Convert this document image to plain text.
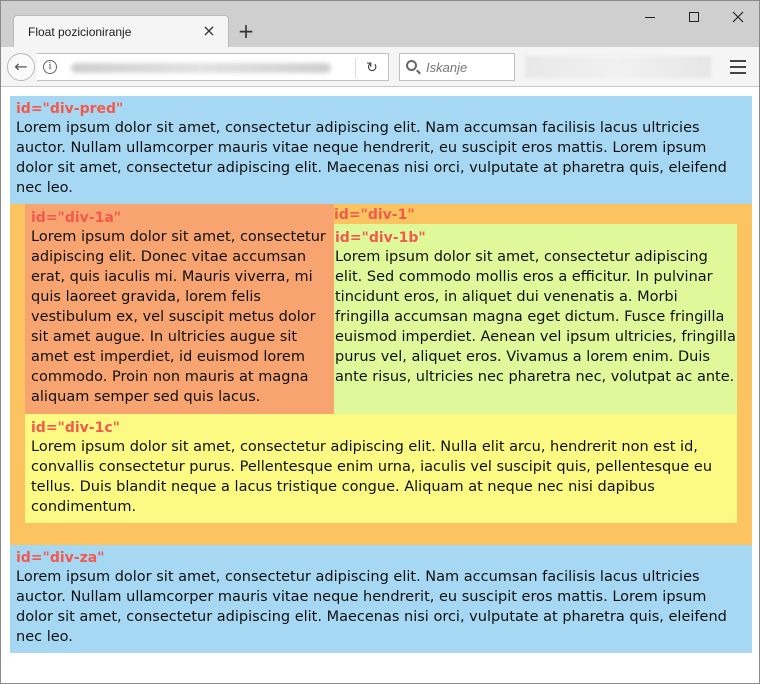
Float pozicioniranje	× +
←	i	↻	Iskanje
id="div-pred"
Lorem ipsum dolor sit amet, consectetur adipiscing elit. Nam accumsan facilisis lacus ultricies auctor. Nullam ullamcorper mauris vitae neque hendrerit, eu suscipit eros mattis. Lorem ipsum dolor sit amet, consectetur adipiscing elit. Maecenas nisi orci, vulputate at pharetra quis, eleifend nec leo.
id="div-1"
id="div-1a"
Lorem ipsum dolor sit amet, consectetur adipiscing elit. Donec vitae accumsan erat, quis iaculis mi. Mauris viverra, mi quis laoreet gravida, lorem felis vestibulum ex, vel suscipit metus dolor sit amet augue. In ultricies augue sit amet est imperdiet, id euismod lorem commodo. Proin non mauris at magna aliquam semper sed quis lacus.
id="div-1b"
Lorem ipsum dolor sit amet, consectetur adipiscing elit. Sed commodo mollis eros a efficitur. In pulvinar tincidunt eros, in aliquet dui venenatis a. Morbi fringilla accumsan magna eget dictum. Fusce fringilla euismod imperdiet. Aenean vel ipsum ultricies, fringilla purus vel, aliquet eros. Vivamus a lorem enim. Duis ante risus, ultricies nec pharetra nec, volutpat ac ante.
id="div-1c"
Lorem ipsum dolor sit amet, consectetur adipiscing elit. Nulla elit arcu, hendrerit non est id, convallis consectetur purus. Pellentesque enim urna, iaculis vel suscipit quis, pellentesque eu tellus. Duis blandit neque a lacus tristique congue. Aliquam at neque nec nisi dapibus condimentum.
id="div-za"
Lorem ipsum dolor sit amet, consectetur adipiscing elit. Nam accumsan facilisis lacus ultricies auctor. Nullam ullamcorper mauris vitae neque hendrerit, eu suscipit eros mattis. Lorem ipsum dolor sit amet, consectetur adipiscing elit. Maecenas nisi orci, vulputate at pharetra quis, eleifend nec leo.
